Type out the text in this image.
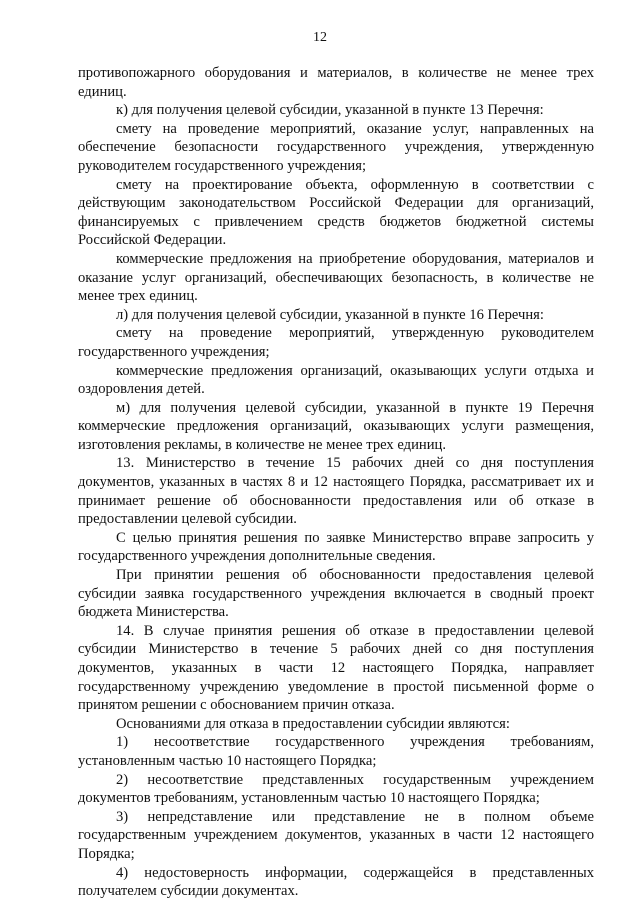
12

противопожарного оборудования и материалов, в количестве не менее трех единиц.

к) для получения целевой субсидии, указанной в пункте 13 Перечня:

смету на проведение мероприятий, оказание услуг, направленных на обеспечение безопасности государственного учреждения, утвержденную руководителем государственного учреждения;

смету на проектирование объекта, оформленную в соответствии с действующим законодательством Российской Федерации для организаций, финансируемых с привлечением средств бюджетов бюджетной системы Российской Федерации.

коммерческие предложения на приобретение оборудования, материалов и оказание услуг организаций, обеспечивающих безопасность, в количестве не менее трех единиц.

л) для получения целевой субсидии, указанной в пункте 16 Перечня:

смету на проведение мероприятий, утвержденную руководителем государственного учреждения;

коммерческие предложения организаций, оказывающих услуги отдыха и оздоровления детей.

м) для получения целевой субсидии, указанной в пункте 19 Перечня коммерческие предложения организаций, оказывающих услуги размещения, изготовления рекламы, в количестве не менее трех единиц.

13. Министерство в течение 15 рабочих дней со дня поступления документов, указанных в частях 8 и 12 настоящего Порядка, рассматривает их и принимает решение об обоснованности предоставления или об отказе в предоставлении целевой субсидии.

С целью принятия решения по заявке Министерство вправе запросить у государственного учреждения дополнительные сведения.

При принятии решения об обоснованности предоставления целевой субсидии заявка государственного учреждения включается в сводный проект бюджета Министерства.

14. В случае принятия решения об отказе в предоставлении целевой субсидии Министерство в течение 5 рабочих дней со дня поступления документов, указанных в части 12 настоящего Порядка, направляет государственному учреждению уведомление в простой письменной форме о принятом решении с обоснованием причин отказа.

Основаниями для отказа в предоставлении субсидии являются:

1) несоответствие государственного учреждения требованиям, установленным частью 10 настоящего Порядка;

2) несоответствие представленных государственным учреждением документов требованиям, установленным частью 10 настоящего Порядка;

3) непредставление или представление не в полном объеме государственным учреждением документов, указанных в части 12 настоящего Порядка;

4) недостоверность информации, содержащейся в представленных получателем субсидии документах.
